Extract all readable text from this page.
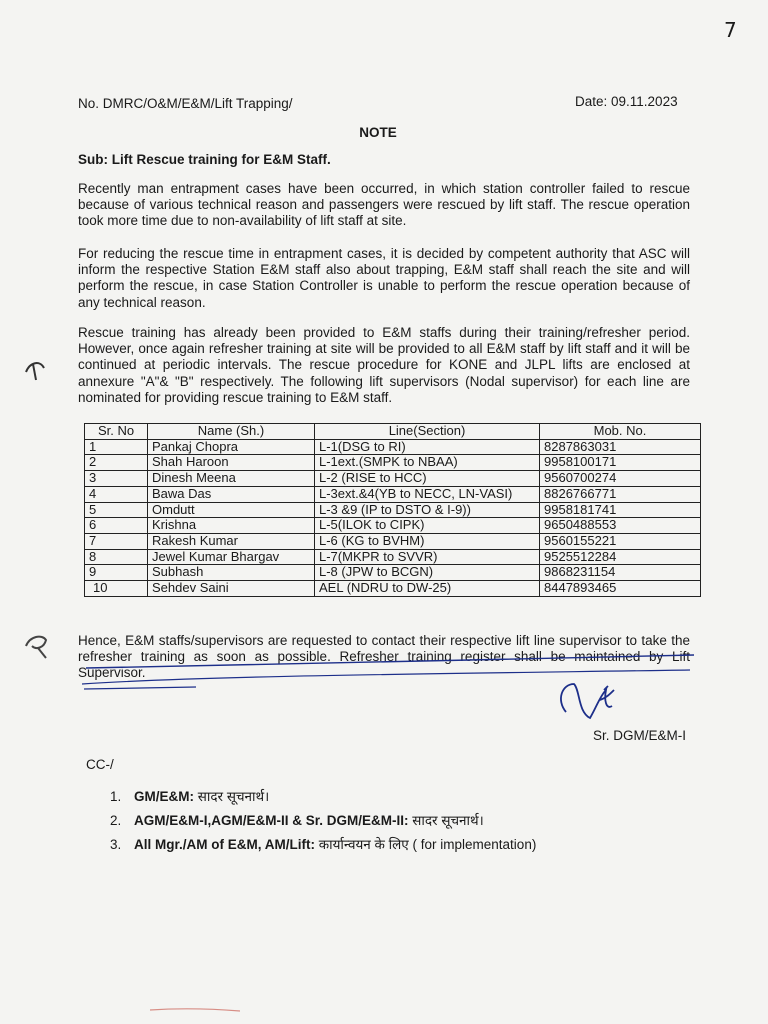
7
No. DMRC/O&M/E&M/Lift Trapping/	Date: 09.11.2023
NOTE
Sub: Lift Rescue training for E&M Staff.
Recently man entrapment cases have been occurred, in which station controller failed to rescue because of various technical reason and passengers were rescued by lift staff. The rescue operation took more time due to non-availability of lift staff at site.
For reducing the rescue time in entrapment cases, it is decided by competent authority that ASC will inform the respective Station E&M staff also about trapping, E&M staff shall reach the site and will perform the rescue, in case Station Controller is unable to perform the rescue operation because of any technical reason.
Rescue training has already been provided to E&M staffs during their training/refresher period. However, once again refresher training at site will be provided to all E&M staff by lift staff and it will be continued at periodic intervals. The rescue procedure for KONE and JLPL lifts are enclosed at annexure "A"& "B" respectively. The following lift supervisors (Nodal supervisor) for each line are nominated for providing rescue training to E&M staff.
Sr. No	Name (Sh.)	Line(Section)	Mob. No.
1	Pankaj Chopra	L-1(DSG to RI)	8287863031
2	Shah Haroon	L-1ext.(SMPK to NBAA)	9958100171
3	Dinesh Meena	L-2 (RISE to HCC)	9560700274
4	Bawa Das	L-3ext.&4(YB to NECC, LN-VASI)	8826766771
5	Omdutt	L-3 &9 (IP to DSTO & I-9))	9958181741
6	Krishna	L-5(ILOK to CIPK)	9650488553
7	Rakesh Kumar	L-6 (KG to BVHM)	9560155221
8	Jewel Kumar Bhargav	L-7(MKPR to SVVR)	9525512284
9	Subhash	L-8 (JPW to BCGN)	9868231154
10	Sehdev Saini	AEL (NDRU to DW-25)	8447893465
Hence, E&M staffs/supervisors are requested to contact their respective lift line supervisor to take the refresher training as soon as possible. Refresher training register shall be maintained by Lift Supervisor.
Sr. DGM/E&M-I
CC-/
1. GM/E&M: सादर सूचनार्थ।
2. AGM/E&M-I,AGM/E&M-II & Sr. DGM/E&M-II: सादर सूचनार्थ।
3. All Mgr./AM of E&M, AM/Lift: कार्यान्वयन के लिए ( for implementation)
